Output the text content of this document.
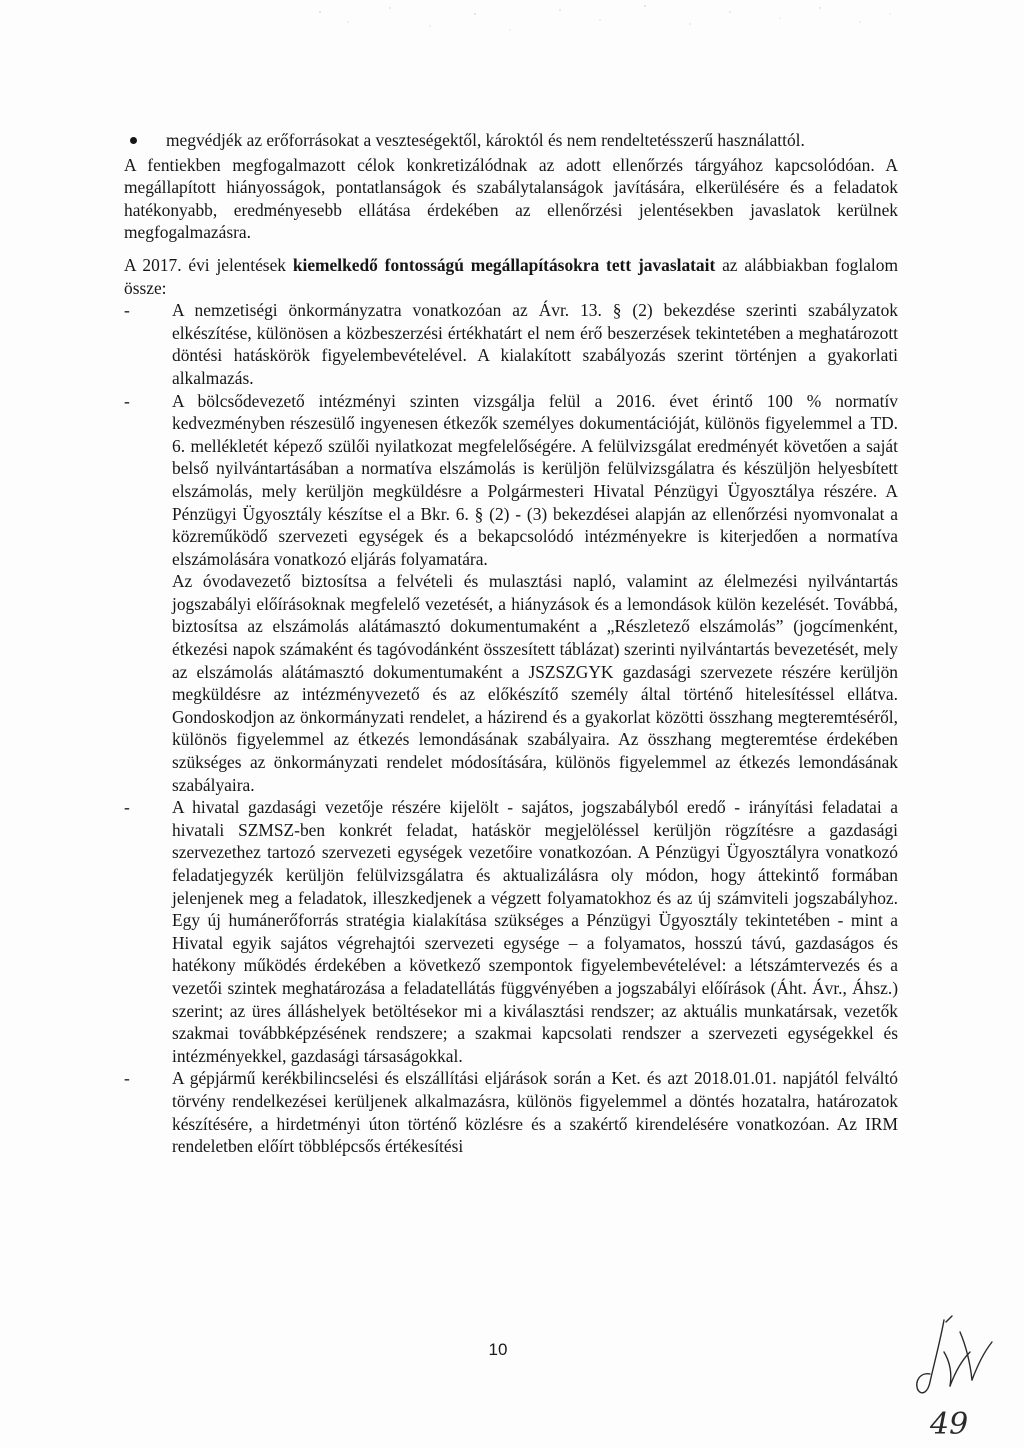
megvédjék az erőforrásokat a veszteségektől, károktól és nem rendeltetésszerű használattól.

A fentiekben megfogalmazott célok konkretizálódnak az adott ellenőrzés tárgyához kapcsolódóan. A megállapított hiányosságok, pontatlanságok és szabálytalanságok javítására, elkerülésére és a feladatok hatékonyabb, eredményesebb ellátása érdekében az ellenőrzési jelentésekben javaslatok kerülnek megfogalmazásra.

A 2017. évi jelentések kiemelkedő fontosságú megállapításokra tett javaslatait az alábbiakban foglalom össze:

-	A nemzetiségi önkormányzatra vonatkozóan az Ávr. 13. § (2) bekezdése szerinti szabályzatok elkészítése, különösen a közbeszerzési értékhatárt el nem érő beszerzések tekintetében a meghatározott döntési hatáskörök figyelembevételével. A kialakított szabályozás szerint történjen a gyakorlati alkalmazás.
-	A bölcsődevezető intézményi szinten vizsgálja felül a 2016. évet érintő 100 % normatív kedvezményben részesülő ingyenesen étkezők személyes dokumentációját, különös figyelemmel a TD. 6. mellékletét képező szülői nyilatkozat megfelelőségére. A felülvizsgálat eredményét követően a saját belső nyilvántartásában a normatíva elszámolás is kerüljön felülvizsgálatra és készüljön helyesbített elszámolás, mely kerüljön megküldésre a Polgármesteri Hivatal Pénzügyi Ügyosztálya részére. A Pénzügyi Ügyosztály készítse el a Bkr. 6. § (2) - (3) bekezdései alapján az ellenőrzési nyomvonalat a közreműködő szervezeti egységek és a bekapcsolódó intézményekre is kiterjedően a normatíva elszámolására vonatkozó eljárás folyamatára.
Az óvodavezető biztosítsa a felvételi és mulasztási napló, valamint az élelmezési nyilvántartás jogszabályi előírásoknak megfelelő vezetését, a hiányzások és a lemondások külön kezelését. Továbbá, biztosítsa az elszámolás alátámasztó dokumentumaként a „Részletező elszámolás” (jogcímenként, étkezési napok számaként és tagóvodánként összesített táblázat) szerinti nyilvántartás bevezetését, mely az elszámolás alátámasztó dokumentumaként a JSZSZGYK gazdasági szervezete részére kerüljön megküldésre az intézményvezető és az előkészítő személy által történő hitelesítéssel ellátva. Gondoskodjon az önkormányzati rendelet, a házirend és a gyakorlat közötti összhang megteremtéséről, különös figyelemmel az étkezés lemondásának szabályaira. Az összhang megteremtése érdekében szükséges az önkormányzati rendelet módosítására, különös figyelemmel az étkezés lemondásának szabályaira.
-	A hivatal gazdasági vezetője részére kijelölt - sajátos, jogszabályból eredő - irányítási feladatai a hivatali SZMSZ-ben konkrét feladat, hatáskör megjelöléssel kerüljön rögzítésre a gazdasági szervezethez tartozó szervezeti egységek vezetőire vonatkozóan. A Pénzügyi Ügyosztályra vonatkozó feladatjegyzék kerüljön felülvizsgálatra és aktualizálásra oly módon, hogy áttekintő formában jelenjenek meg a feladatok, illeszkedjenek a végzett folyamatokhoz és az új számviteli jogszabályhoz. Egy új humánerőforrás stratégia kialakítása szükséges a Pénzügyi Ügyosztály tekintetében - mint a Hivatal egyik sajátos végrehajtói szervezeti egysége – a folyamatos, hosszú távú, gazdaságos és hatékony működés érdekében a következő szempontok figyelembevételével: a létszámtervezés és a vezetői szintek meghatározása a feladatellátás függvényében a jogszabályi előírások (Áht. Ávr., Áhsz.) szerint; az üres álláshelyek betöltésekor mi a kiválasztási rendszer; az aktuális munkatársak, vezetők szakmai továbbképzésének rendszere; a szakmai kapcsolati rendszer a szervezeti egységekkel és intézményekkel, gazdasági társaságokkal.
-	A gépjármű kerékbilincselési és elszállítási eljárások során a Ket. és azt 2018.01.01. napjától felváltó törvény rendelkezései kerüljenek alkalmazásra, különös figyelemmel a döntés hozatalra, határozatok készítésére, a hirdetményi úton történő közlésre és a szakértő kirendelésére vonatkozóan. Az IRM rendeletben előírt többlépcsős értékesítési
10
49
